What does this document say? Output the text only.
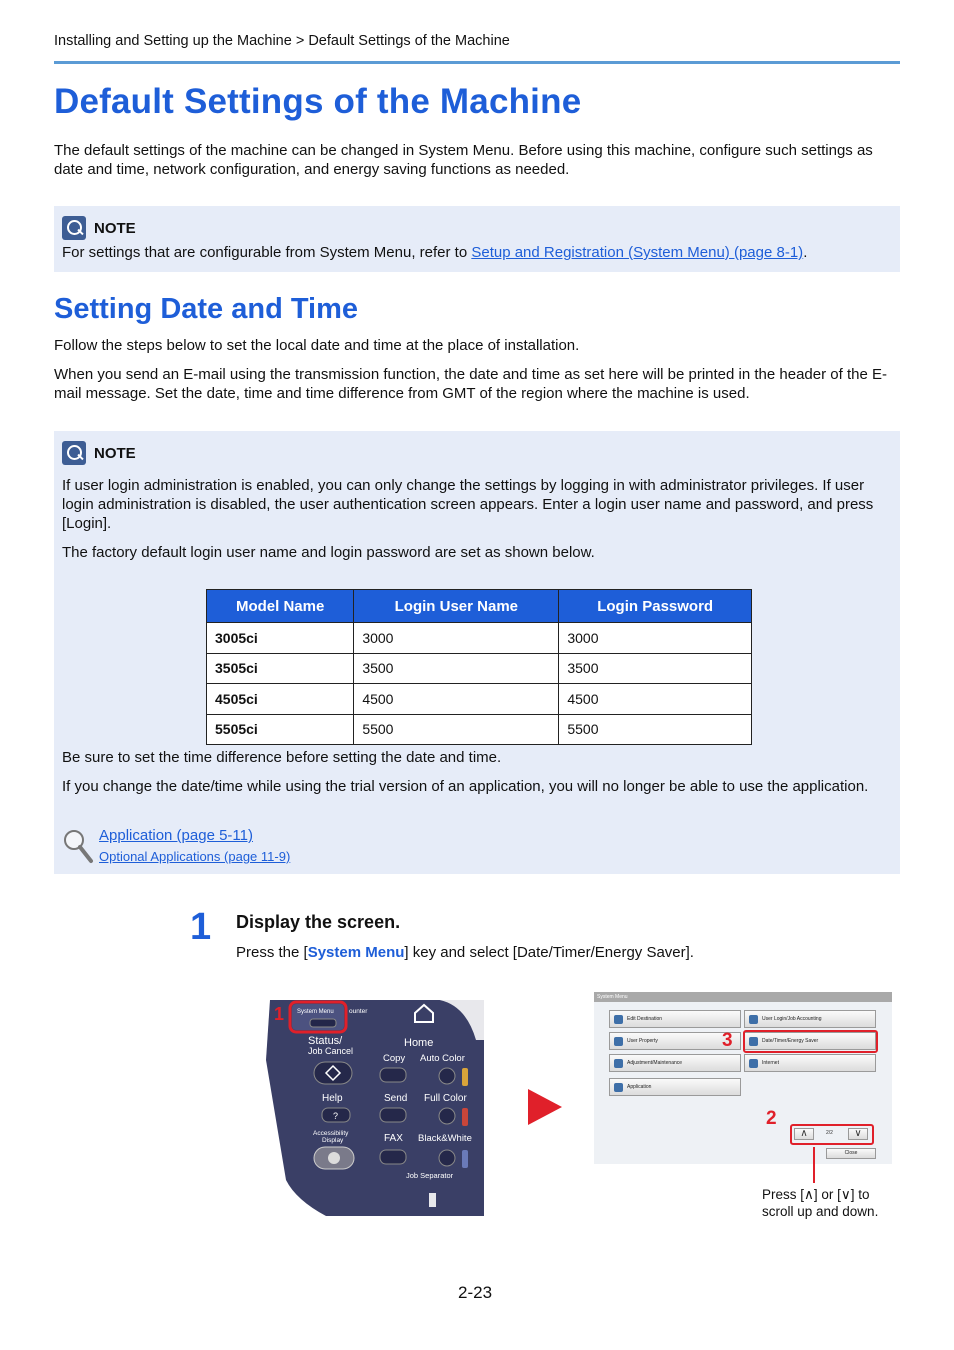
Installing and Setting up the Machine > Default Settings of the Machine
Default Settings of the Machine
The default settings of the machine can be changed in System Menu. Before using this machine, configure such settings as date and time, network configuration, and energy saving functions as needed.
NOTE
For settings that are configurable from System Menu, refer to Setup and Registration (System Menu) (page 8-1).
Setting Date and Time
Follow the steps below to set the local date and time at the place of installation.
When you send an E-mail using the transmission function, the date and time as set here will be printed in the header of the E-mail message. Set the date, time and time difference from GMT of the region where the machine is used.
NOTE
If user login administration is enabled, you can only change the settings by logging in with administrator privileges. If user login administration is disabled, the user authentication screen appears. Enter a login user name and password, and press [Login].
The factory default login user name and login password are set as shown below.
Model Name	Login User Name	Login Password
3005ci	3000	3000
3505ci	3500	3500
4505ci	4500	4500
5505ci	5500	5500
Be sure to set the time difference before setting the date and time.
If you change the date/time while using the trial version of an application, you will no longer be able to use the application.
Application (page 5-11)
Optional Applications (page 11-9)
1 Display the screen.
Press the [System Menu] key and select [Date/Timer/Energy Saver].
System Menu ounter
Home
Status/
Job Cancel
Copy Auto Color
Help	Send Full Color
?
Accessibility
Display	FAX Black&White
Job Separator
1
System Menu
Edit Destination	User Login/Job Accounting
User Property	Date/Timer/Energy Saver
Adjustment/Maintenance	Internet
Application
3
∧	2/2	∨
2
Close
Press [∧] or [∨] to
scroll up and down.
2-23
